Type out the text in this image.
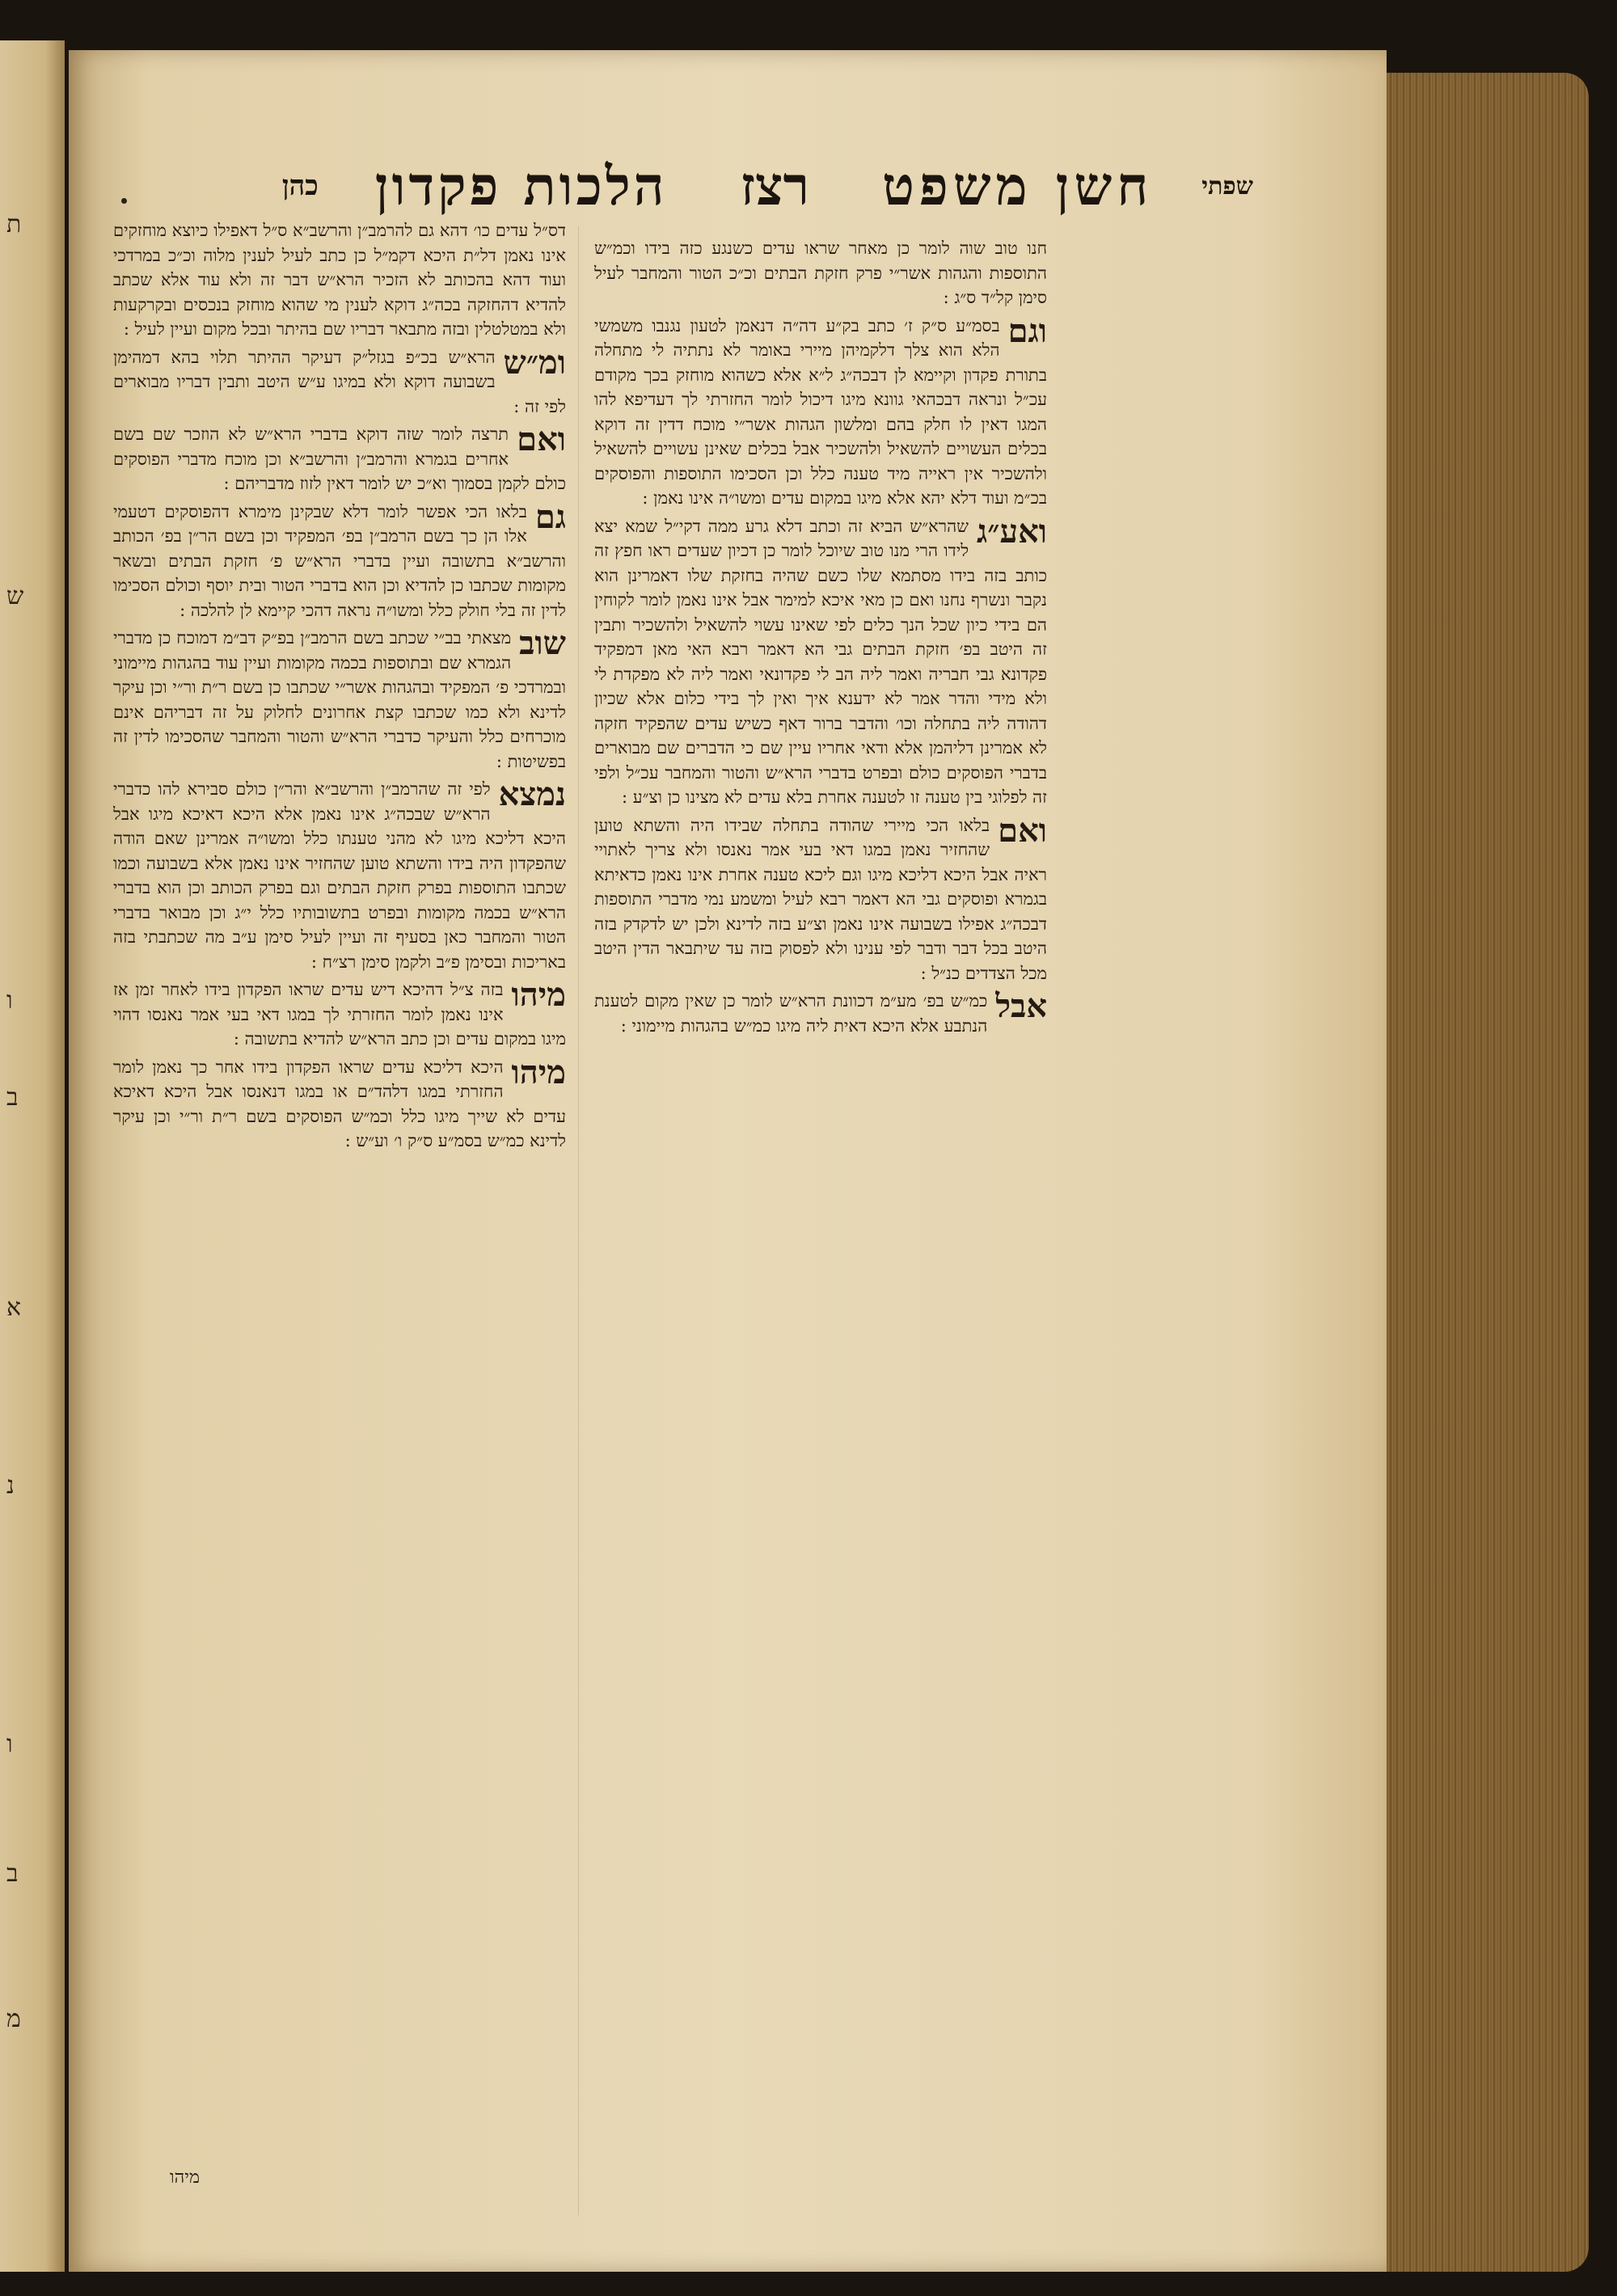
ת
ש
ו
ב
א
נ
ו
ב
מ
שפתי
חשן משפט
רצז
הלכות פקדון
כהן

חנו טוב שוה לומר כן מאחר שראו עדים כשנגע כזה בידו וכמ״ש התוספות והגהות אשר״י פרק חזקת הבתים וכ״כ הטור והמחבר לעיל סימן קל״ד ס״ג :

וגם
בסמ״ע ס״ק ז׳ כתב בק״ע דה״ה דנאמן לטעון נגנבו משמשי הלא הוא צלך דלקמיהן מיירי באומר לא נתתיה לי מתחלה בתורת פקדון וקיימא לן דבכה״ג ל״א אלא כשהוא מוחזק בכך מקודם עכ״ל ונראה דבכהאי גוונא מיגו דיכול לומר החזרתי לך דעדיפא להו המגו דאין לו חלק בהם ומלשון הגהות אשר״י מוכח דדין זה דוקא בכלים העשויים להשאיל ולהשכיר אבל בכלים שאינן עשויים להשאיל ולהשכיר אין ראייה מיד טענה כלל וכן הסכימו התוספות והפוסקים בכ״מ ועוד דלא יהא אלא מיגו במקום עדים ומשו״ה אינו נאמן :

ואע״ג
שהרא״ש הביא זה וכתב דלא גרע ממה דקי״ל שמא יצא לידו הרי מנו טוב שיוכל לומר כן דכיון שעדים ראו חפץ זה כותב בזה בידו מסתמא שלו כשם שהיה בחזקת שלו דאמרינן הוא נקבר ונשרף נחנו ואם כן מאי איכא למימר אבל אינו נאמן לומר לקוחין הם בידי כיון שכל הנך כלים לפי שאינו עשוי להשאיל ולהשכיר ותבין זה היטב בפ׳ חזקת הבתים גבי הא דאמר רבא האי מאן דמפקיד פקדונא גבי חבריה ואמר ליה הב לי פקדונאי ואמר ליה לא מפקדת לי ולא מידי והדר אמר לא ידענא איך ואין לך בידי כלום אלא שכיון דהודה ליה בתחלה וכו׳ והדבר ברור דאף כשיש עדים שהפקיד חזקה לא אמרינן דליהמן אלא ודאי אחריו עיין שם כי הדברים שם מבוארים בדברי הפוסקים כולם ובפרט בדברי הרא״ש והטור והמחבר עכ״ל ולפי זה לפלוגי בין טענה זו לטענה אחרת בלא עדים לא מצינו כן וצ״ע :

ואם
בלאו הכי מיירי שהודה בתחלה שבידו היה והשתא טוען שהחזיר נאמן במגו דאי בעי אמר נאנסו ולא צריך לאתויי ראיה אבל היכא דליכא מיגו וגם ליכא טענה אחרת אינו נאמן כדאיתא בגמרא ופוסקים גבי הא דאמר רבא לעיל ומשמע נמי מדברי התוספות דבכה״ג אפילו בשבועה אינו נאמן וצ״ע בזה לדינא ולכן יש לדקדק בזה היטב בכל דבר ודבר לפי ענינו ולא לפסוק בזה עד שיתבאר הדין היטב מכל הצדדים כנ״ל :

אבל
כמ״ש בפ׳ מע״מ דכוונת הרא״ש לומר כן שאין מקום לטענת הנתבע אלא היכא דאית ליה מיגו כמ״ש בהגהות מיימוני :

דס״ל עדים כו׳ דהא גם להרמב״ן והרשב״א ס״ל דאפילו כיוצא מוחזקים אינו נאמן דל״ת היכא דקמ״ל כן כתב לעיל לענין מלוה וכ״כ במרדכי ועוד דהא בהכותב לא הזכיר הרא״ש דבר זה ולא עוד אלא שכתב להדיא דהחזקה בכה״ג דוקא לענין מי שהוא מוחזק בנכסים ובקרקעות ולא במטלטלין ובזה מתבאר דבריו שם בהיתר ובכל מקום ועיין לעיל :

ומ״ש
הרא״ש בכ״פ בגזל״ק דעיקר ההיתר תלוי בהא דמהימן בשבועה דוקא ולא במיגו ע״ש היטב ותבין דבריו מבוארים לפי זה :

ואם
תרצה לומר שזה דוקא בדברי הרא״ש לא הוזכר שם בשם אחרים בגמרא והרמב״ן והרשב״א וכן מוכח מדברי הפוסקים כולם לקמן בסמוך וא״כ יש לומר דאין לזוז מדבריהם :

גם
בלאו הכי אפשר לומר דלא שבקינן מימרא דהפוסקים דטעמי אלו הן כך בשם הרמב״ן בפ׳ המפקיד וכן בשם הר״ן בפ׳ הכותב והרשב״א בתשובה ועיין בדברי הרא״ש פ׳ חזקת הבתים ובשאר מקומות שכתבו כן להדיא וכן הוא בדברי הטור ובית יוסף וכולם הסכימו לדין זה בלי חולק כלל ומשו״ה נראה דהכי קיימא לן להלכה :

שוב
מצאתי בב״י שכתב בשם הרמב״ן בפ״ק דב״מ דמוכח כן מדברי הגמרא שם ובתוספות בכמה מקומות ועיין עוד בהגהות מיימוני ובמרדכי פ׳ המפקיד ובהגהות אשר״י שכתבו כן בשם ר״ת ור״י וכן עיקר לדינא ולא כמו שכתבו קצת אחרונים לחלוק על זה דבריהם אינם מוכרחים כלל והעיקר כדברי הרא״ש והטור והמחבר שהסכימו לדין זה בפשיטות :

נמצא
לפי זה שהרמב״ן והרשב״א והר״ן כולם סבירא להו כדברי הרא״ש שבכה״ג אינו נאמן אלא היכא דאיכא מיגו אבל היכא דליכא מיגו לא מהני טענתו כלל ומשו״ה אמרינן שאם הודה שהפקדון היה בידו והשתא טוען שהחזיר אינו נאמן אלא בשבועה וכמו שכתבו התוספות בפרק חזקת הבתים וגם בפרק הכותב וכן הוא בדברי הרא״ש בכמה מקומות ובפרט בתשובותיו כלל י״ג וכן מבואר בדברי הטור והמחבר כאן בסעיף זה ועיין לעיל סימן ע״ב מה שכתבתי בזה באריכות ובסימן פ״ב ולקמן סימן רצ״ח :

מיהו
בזה צ״ל דהיכא דיש עדים שראו הפקדון בידו לאחר זמן אז אינו נאמן לומר החזרתי לך במגו דאי בעי אמר נאנסו דהוי מיגו במקום עדים וכן כתב הרא״ש להדיא בתשובה :

מיהו
היכא דליכא עדים שראו הפקדון בידו אחר כך נאמן לומר החזרתי במגו דלהד״ם או במגו דנאנסו אבל היכא דאיכא עדים לא שייך מיגו כלל וכמ״ש הפוסקים בשם ר״ת ור״י וכן עיקר לדינא כמ״ש בסמ״ע ס״ק ו׳ וע״ש :

מיהו
